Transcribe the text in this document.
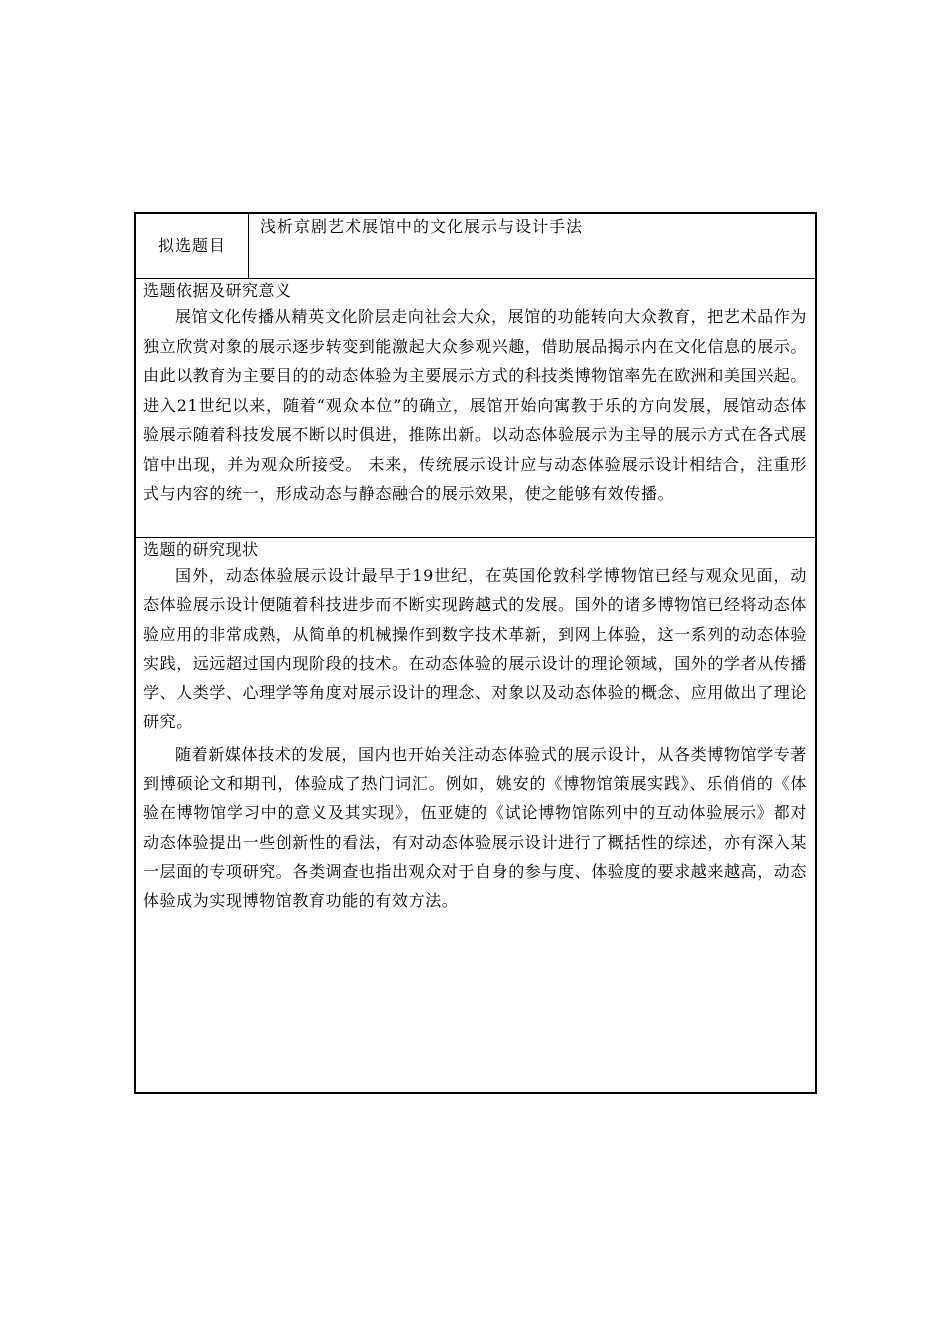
拟选题目
浅析京剧艺术展馆中的文化展示与设计手法
选题依据及研究意义

展馆文化传播从精英文化阶层走向社会大众，展馆的功能转向大众教育，把艺术品作为独立欣赏对象的展示逐步转变到能激起大众参观兴趣，借助展品揭示内在文化信息的展示。由此以教育为主要目的的动态体验为主要展示方式的科技类博物馆率先在欧洲和美国兴起。进入21世纪以来，随着“观众本位”的确立，展馆开始向寓教于乐的方向发展，展馆动态体验展示随着科技发展不断以时俱进，推陈出新。以动态体验展示为主导的展示方式在各式展馆中出现，并为观众所接受。 未来，传统展示设计应与动态体验展示设计相结合，注重形式与内容的统一，形成动态与静态融合的展示效果，使之能够有效传播。

选题的研究现状

国外，动态体验展示设计最早于19世纪，在英国伦敦科学博物馆已经与观众见面，动态体验展示设计便随着科技进步而不断实现跨越式的发展。国外的诸多博物馆已经将动态体验应用的非常成熟，从简单的机械操作到数字技术革新，到网上体验，这一系列的动态体验实践，远远超过国内现阶段的技术。在动态体验的展示设计的理论领域，国外的学者从传播学、人类学、心理学等角度对展示设计的理念、对象以及动态体验的概念、应用做出了理论研究。

随着新媒体技术的发展，国内也开始关注动态体验式的展示设计，从各类博物馆学专著到博硕论文和期刊，体验成了热门词汇。例如，姚安的《博物馆策展实践》、乐俏俏的《体验在博物馆学习中的意义及其实现》，伍亚婕的《试论博物馆陈列中的互动体验展示》都对动态体验提出一些创新性的看法，有对动态体验展示设计进行了概括性的综述，亦有深入某一层面的专项研究。各类调查也指出观众对于自身的参与度、体验度的要求越来越高，动态体验成为实现博物馆教育功能的有效方法。
